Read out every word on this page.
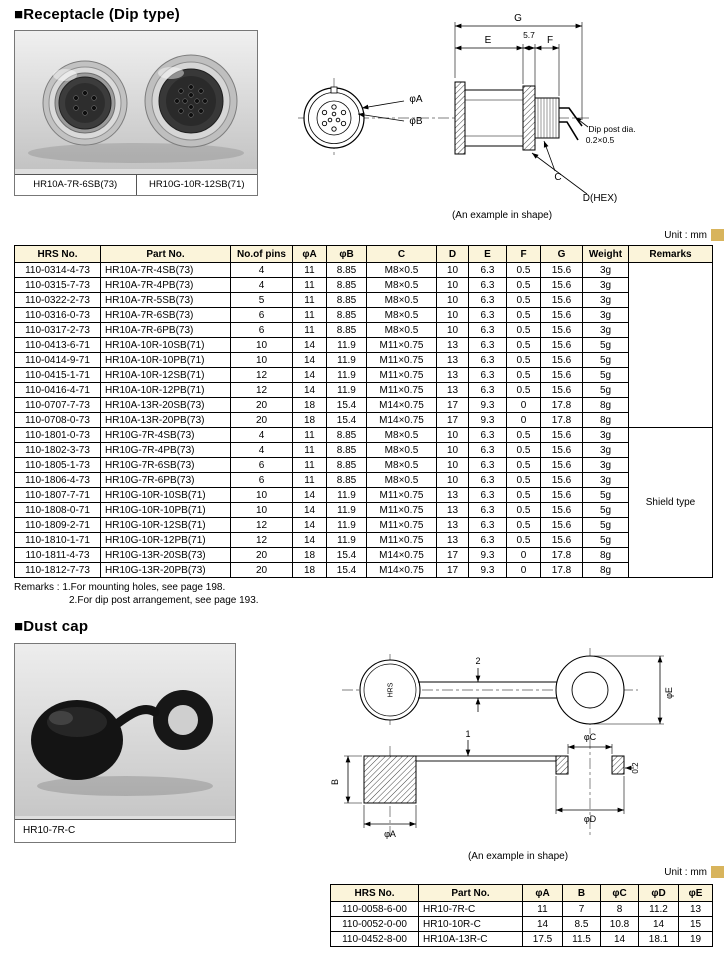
■Receptacle (Dip type)
HR10A-7R-6SB(73)	HR10G-10R-12SB(71)
G
E	5.7 F
φA
φB
C
D(HEX)
Dip post dia.
0.2×0.5
(An example in shape)
Unit : mm
HRS No.	Part No.	No.of pins	φA	φB	C	D	E	F	G	Weight	Remarks
110-0314-4-73	HR10A-7R-4SB(73)	4	11	8.85	M8×0.5	10	6.3	0.5	15.6	3g	
110-0315-7-73	HR10A-7R-4PB(73)	4	11	8.85	M8×0.5	10	6.3	0.5	15.6	3g	
110-0322-2-73	HR10A-7R-5SB(73)	5	11	8.85	M8×0.5	10	6.3	0.5	15.6	3g	
110-0316-0-73	HR10A-7R-6SB(73)	6	11	8.85	M8×0.5	10	6.3	0.5	15.6	3g	
110-0317-2-73	HR10A-7R-6PB(73)	6	11	8.85	M8×0.5	10	6.3	0.5	15.6	3g	
110-0413-6-71	HR10A-10R-10SB(71)	10	14	11.9	M11×0.75	13	6.3	0.5	15.6	5g	
110-0414-9-71	HR10A-10R-10PB(71)	10	14	11.9	M11×0.75	13	6.3	0.5	15.6	5g	
110-0415-1-71	HR10A-10R-12SB(71)	12	14	11.9	M11×0.75	13	6.3	0.5	15.6	5g	
110-0416-4-71	HR10A-10R-12PB(71)	12	14	11.9	M11×0.75	13	6.3	0.5	15.6	5g	
110-0707-7-73	HR10A-13R-20SB(73)	20	18	15.4	M14×0.75	17	9.3	0	17.8	8g	
110-0708-0-73	HR10A-13R-20PB(73)	20	18	15.4	M14×0.75	17	9.3	0	17.8	8g	
110-1801-0-73	HR10G-7R-4SB(73)	4	11	8.85	M8×0.5	10	6.3	0.5	15.6	3g	Shield type
110-1802-3-73	HR10G-7R-4PB(73)	4	11	8.85	M8×0.5	10	6.3	0.5	15.6	3g	
110-1805-1-73	HR10G-7R-6SB(73)	6	11	8.85	M8×0.5	10	6.3	0.5	15.6	3g	
110-1806-4-73	HR10G-7R-6PB(73)	6	11	8.85	M8×0.5	10	6.3	0.5	15.6	3g	
110-1807-7-71	HR10G-10R-10SB(71)	10	14	11.9	M11×0.75	13	6.3	0.5	15.6	5g	
110-1808-0-71	HR10G-10R-10PB(71)	10	14	11.9	M11×0.75	13	6.3	0.5	15.6	5g	
110-1809-2-71	HR10G-10R-12SB(71)	12	14	11.9	M11×0.75	13	6.3	0.5	15.6	5g	
110-1810-1-71	HR10G-10R-12PB(71)	12	14	11.9	M11×0.75	13	6.3	0.5	15.6	5g	
110-1811-4-73	HR10G-13R-20SB(73)	20	18	15.4	M14×0.75	17	9.3	0	17.8	8g	
110-1812-7-73	HR10G-13R-20PB(73)	20	18	15.4	M14×0.75	17	9.3	0	17.8	8g	
Remarks : 1.For mounting holes, see page 198.
2.For dip post arrangement, see page 193.
■Dust cap
HR10-7R-C
HRS
2
φE
1
B
φA
φC
φD
0.2
(An example in shape)
Unit : mm
HRS No.	Part No.	φA	B	φC	φD	φE
110-0058-6-00	HR10-7R-C	11	7	8	11.2	13
110-0052-0-00	HR10-10R-C	14	8.5	10.8	14	15
110-0452-8-00	HR10A-13R-C	17.5	11.5	14	18.1	19
